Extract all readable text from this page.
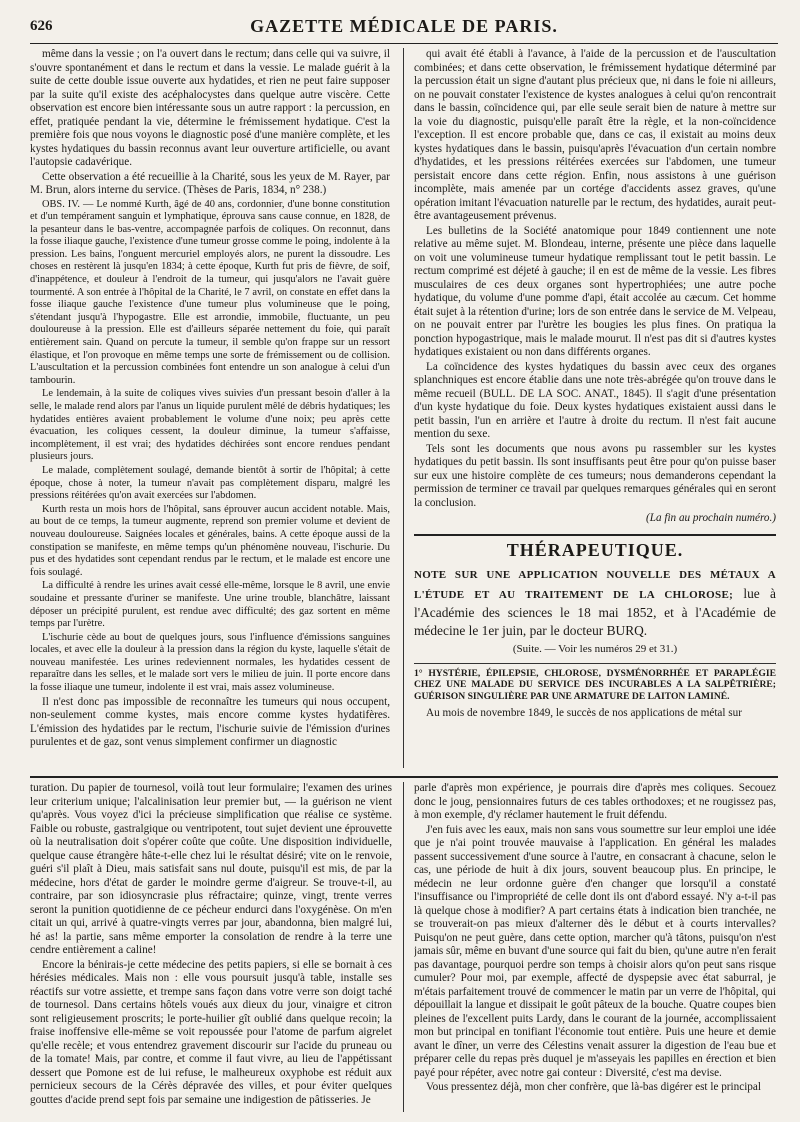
626	GAZETTE MÉDICALE DE PARIS.

même dans la vessie ; on l'a ouvert dans le rectum; dans celle qui va suivre, il s'ouvre spontanément et dans le rectum et dans la vessie. Le malade guérit à la suite de cette double issue ouverte aux hydatides, et rien ne peut faire supposer par la suite qu'il existe des acéphalocystes dans quelque autre viscère. Cette observation est encore bien intéressante sous un autre rapport : la percussion, en effet, pratiquée pendant la vie, détermine le frémissement hydatique. C'est la première fois que nous voyons le diagnostic posé d'une manière complète, et les kystes hydatiques du bassin reconnus avant leur ouverture artificielle, ou avant l'autopsie cadavérique.

Cette observation a été recueillie à la Charité, sous les yeux de M. Rayer, par M. Brun, alors interne du service. (Thèses de Paris, 1834, n° 238.)

OBS. IV. — Le nommé Kurth, âgé de 40 ans, cordonnier, d'une bonne constitution et d'un tempérament sanguin et lymphatique, éprouva sans cause connue, en 1828, de la pesanteur dans le bas-ventre, accompagnée parfois de coliques. On reconnut, dans la fosse iliaque gauche, l'existence d'une tumeur grosse comme le poing, indolente à la pression. Les bains, l'onguent mercuriel employés alors, ne purent la dissoudre. Les choses en restèrent là jusqu'en 1834; à cette époque, Kurth fut pris de fièvre, de soif, d'inappétence, et douleur à l'endroit de la tumeur, qui jusqu'alors ne l'avait guère tourmenté. A son entrée à l'hôpital de la Charité, le 7 avril, on constate en effet dans la fosse iliaque gauche l'existence d'une tumeur plus volumineuse que le poing, s'étendant jusqu'à l'hypogastre. Elle est arrondie, immobile, fluctuante, un peu douloureuse à la pression. Elle est d'ailleurs séparée nettement du foie, qui paraît entièrement sain. Quand on percute la tumeur, il semble qu'on frappe sur un ressort élastique, et l'on provoque en même temps une sorte de frémissement ou de collision. L'auscultation et la percussion combinées font entendre un son analogue à celui d'un tambourin.

Le lendemain, à la suite de coliques vives suivies d'un pressant besoin d'aller à la selle, le malade rend alors par l'anus un liquide purulent mêlé de débris hydatiques; les hydatides entières avaient probablement le volume d'une noix; peu après cette évacuation, les coliques cessent, la douleur diminue, la tumeur s'affaisse, incomplètement, il est vrai; des hydatides déchirées sont encore rendues pendant plusieurs jours.

Le malade, complètement soulagé, demande bientôt à sortir de l'hôpital; à cette époque, chose à noter, la tumeur n'avait pas complètement disparu, malgré les pressions réitérées qu'on avait exercées sur l'abdomen.

Kurth resta un mois hors de l'hôpital, sans éprouver aucun accident notable. Mais, au bout de ce temps, la tumeur augmente, reprend son premier volume et devient de nouveau douloureuse. Saignées locales et générales, bains. A cette époque aussi de la constipation se manifeste, en même temps qu'un phénomène nouveau, l'ischurie. Du pus et des hydatides sont cependant rendus par le rectum, et le malade est encore une fois soulagé.

La difficulté à rendre les urines avait cessé elle-même, lorsque le 8 avril, une envie soudaine et pressante d'uriner se manifeste. Une urine trouble, blanchâtre, laissant déposer un précipité purulent, est rendue avec difficulté; des gaz sortent en même temps par l'urètre.

L'ischurie cède au bout de quelques jours, sous l'influence d'émissions sanguines locales, et avec elle la douleur à la pression dans la région du kyste, laquelle s'était de nouveau manifestée. Les urines redeviennent normales, les hydatides cessent de reparaître dans les selles, et le malade sort vers le milieu de juin. Il porte encore dans la fosse iliaque une tumeur, indolente il est vrai, mais assez volumineuse.

Il n'est donc pas impossible de reconnaître les tumeurs qui nous occupent, non-seulement comme kystes, mais encore comme kystes hydatifères. L'émission des hydatides par le rectum, l'ischurie suivie de l'émission d'urines purulentes et de gaz, sont venus simplement confirmer un diagnostic

qui avait été établi à l'avance, à l'aide de la percussion et de l'auscultation combinées; et dans cette observation, le frémissement hydatique déterminé par la percussion était un signe d'autant plus précieux que, ni dans le foie ni ailleurs, on ne pouvait constater l'existence de kystes analogues à celui qu'on rencontrait dans le bassin, coïncidence qui, par elle seule serait bien de nature à mettre sur la voie du diagnostic, puisqu'elle paraît être la règle, et la non-coïncidence l'exception. Il est encore probable que, dans ce cas, il existait au moins deux kystes hydatiques dans le bassin, puisqu'après l'évacuation d'un certain nombre d'hydatides, et les pressions réitérées exercées sur l'abdomen, une tumeur persistait encore dans cette région. Enfin, nous assistons à une guérison incomplète, mais amenée par un cortége d'accidents assez graves, qu'une opération imitant l'évacuation naturelle par le rectum, des hydatides, aurait peut-être avantageusement prévenus.

Les bulletins de la Société anatomique pour 1849 contiennent une note relative au même sujet. M. Blondeau, interne, présente une pièce dans laquelle on voit une volumineuse tumeur hydatique remplissant tout le petit bassin. Le rectum comprimé est déjeté à gauche; il en est de même de la vessie. Les fibres musculaires de ces deux organes sont hypertrophiées; une autre poche hydatique, du volume d'une pomme d'api, était accolée au cæcum. Cet homme était sujet à la rétention d'urine; lors de son entrée dans le service de M. Velpeau, on ne pouvait entrer par l'urètre les bougies les plus fines. On pratiqua la ponction hypogastrique, mais le malade mourut. Il n'est pas dit si d'autres kystes hydatiques existaient ou non dans différents organes.

La coïncidence des kystes hydatiques du bassin avec ceux des organes splanchniques est encore établie dans une note très-abrégée qu'on trouve dans le même recueil (BULL. DE LA SOC. ANAT., 1845). Il s'agit d'une présentation d'un kyste hydatique du foie. Deux kystes hydatiques existaient aussi dans le petit bassin, l'un en arrière et l'autre à droite du rectum. Il n'est fait aucune mention du sexe.

Tels sont les documents que nous avons pu rassembler sur les kystes hydatiques du petit bassin. Ils sont insuffisants peut être pour qu'on puisse baser sur eux une histoire complète de ces tumeurs; nous demanderons cependant la permission de terminer ce travail par quelques remarques générales qui en seront la conclusion.

(La fin au prochain numéro.)
THÉRAPEUTIQUE.
NOTE SUR UNE APPLICATION NOUVELLE DES MÉTAUX A L'ÉTUDE ET AU TRAITEMENT DE LA CHLOROSE; lue à l'Académie des sciences le 18 mai 1852, et à l'Académie de médecine le 1er juin, par le docteur BURQ.
(Suite. — Voir les numéros 29 et 31.)
1° HYSTÉRIE, ÉPILEPSIE, CHLOROSE, DYSMÉNORRHÉE ET PARAPLÉGIE CHEZ UNE MALADE DU SERVICE DES INCURABLES A LA SALPÊTRIÈRE; GUÉRISON SINGULIÈRE PAR UNE ARMATURE DE LAITON LAMINÉ.

Au mois de novembre 1849, le succès de nos applications de métal sur

turation. Du papier de tournesol, voilà tout leur formulaire; l'examen des urines leur criterium unique; l'alcalinisation leur premier but, — la guérison ne vient qu'après. Vous voyez d'ici la précieuse simplification que réalise ce système. Faible ou robuste, gastralgique ou ventripotent, tout sujet devient une éprouvette où la neutralisation doit s'opérer coûte que coûte. Une disposition individuelle, quelque cause étrangère hâte-t-elle chez lui le résultat désiré; vite on le renvoie, guéri s'il plaît à Dieu, mais satisfait sans nul doute, puisqu'il est mis, de par la médecine, hors d'état de garder le moindre germe d'aigreur. Se trouve-t-il, au contraire, par son idiosyncrasie plus réfractaire; quinze, vingt, trente verres seront la punition quotidienne de ce pécheur endurci dans l'oxygénèse. On m'en citait un qui, arrivé à quatre-vingts verres par jour, abandonna, bien malgré lui, hé as! la partie, sans même emporter la consolation de rendre à la terre une cendre entièrement a caline!

Encore la bénirais-je cette médecine des petits papiers, si elle se bornait à ces hérésies médicales. Mais non : elle vous poursuit jusqu'à table, installe ses réactifs sur votre assiette, et trempe sans façon dans votre verre son doigt taché de tournesol. Dans certains hôtels voués aux dieux du jour, vinaigre et citron sont religieusement proscrits; le porte-huilier gît oublié dans quelque recoin; la fraise inoffensive elle-même se voit repoussée pour l'atome de parfum aigrelet qu'elle recèle; et vous entendrez gravement discourir sur l'acide du pruneau ou de la tomate! Mais, par contre, et comme il faut vivre, au lieu de l'appétissant dessert que Pomone est de lui refuse, le malheureux oxyphobe est réduit aux pernicieux secours de la Cérès dépravée des villes, et pour éviter quelques gouttes d'acide prend sept fois par semaine une indigestion de pâtisseries. Je

parle d'après mon expérience, je pourrais dire d'après mes coliques. Secouez donc le joug, pensionnaires futurs de ces tables orthodoxes; et ne rougissez pas, à mon exemple, d'y réclamer hautement le fruit défendu.

J'en fuis avec les eaux, mais non sans vous soumettre sur leur emploi une idée que je n'ai point trouvée mauvaise à l'application. En général les malades passent successivement d'une source à l'autre, en consacrant à chacune, selon le cas, une période de huit à dix jours, souvent beaucoup plus. En principe, le médecin ne leur ordonne guère d'en changer que lorsqu'il a constaté l'insuffisance ou l'impropriété de celle dont ils ont d'abord essayé. N'y a-t-il pas là quelque chose à modifier? A part certains états à indication bien tranchée, ne se trouverait-on pas mieux d'alterner dès le début et à courts intervalles? Puisqu'on ne peut guère, dans cette option, marcher qu'à tâtons, puisqu'on n'est jamais sûr, même en buvant d'une source qui fait du bien, qu'une autre n'en ferait pas davantage, pourquoi perdre son temps à choisir alors qu'on peut sans risque cumuler? Pour moi, par exemple, affecté de dyspepsie avec état saburral, je m'étais parfaitement trouvé de commencer le matin par un verre de l'hôpital, qui dépouillait la langue et dissipait le goût pâteux de la bouche. Quatre coupes bien pleines de l'excellent puits Lardy, dans le courant de la journée, accomplissaient mon but principal en tonifiant l'économie tout entière. Puis une heure et demie avant le dîner, un verre des Célestins venait assurer la digestion de l'eau bue et préparer celle du repas près duquel je m'asseyais les papilles en érection et bien payé pour répéter, avec notre gai conteur : Diversité, c'est ma devise.

Vous pressentez déjà, mon cher confrère, que là-bas digérer est le principal
